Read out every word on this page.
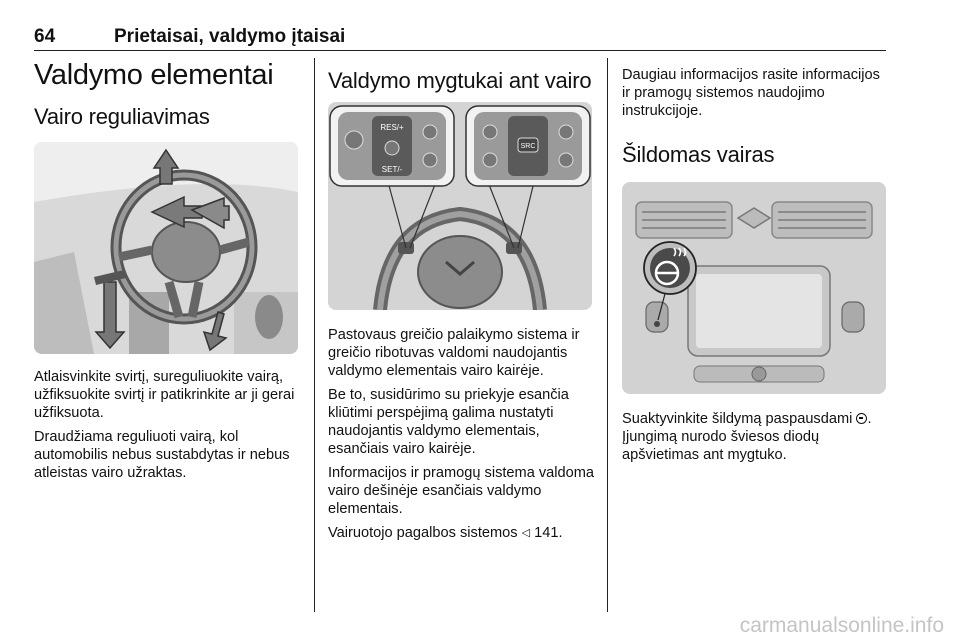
64	Prietaisai, valdymo įtaisai
Valdymo elementai
Vairo reguliavimas

Atlaisvinkite svirtį, sureguliuokite vairą, užfiksuokite svirtį ir patikrinkite ar ji gerai užfiksuota.

Draudžiama reguliuoti vairą, kol automobilis nebus sustabdytas ir nebus atleistas vairo užraktas.

Valdymo mygtukai ant vairo
RES/+
SET/-
SRC

Pastovaus greičio palaikymo sistema ir greičio ribotuvas valdomi naudojantis valdymo elementais vairo kairėje.

Be to, susidūrimo su priekyje esančia kliūtimi perspėjimą galima nustatyti naudojantis valdymo elementais, esančiais vairo kairėje.

Informacijos ir pramogų sistema valdoma vairo dešinėje esančiais valdymo elementais.

Vairuotojo pagalbos sistemos ◁ 141.

Daugiau informacijos rasite informacijos ir pramogų sistemos naudojimo instrukcijoje.

Šildomas vairas

Suaktyvinkite šildymą paspausdami . Įjungimą nurodo šviesos diodų apšvietimas ant mygtuko.

carmanualsonline.info
